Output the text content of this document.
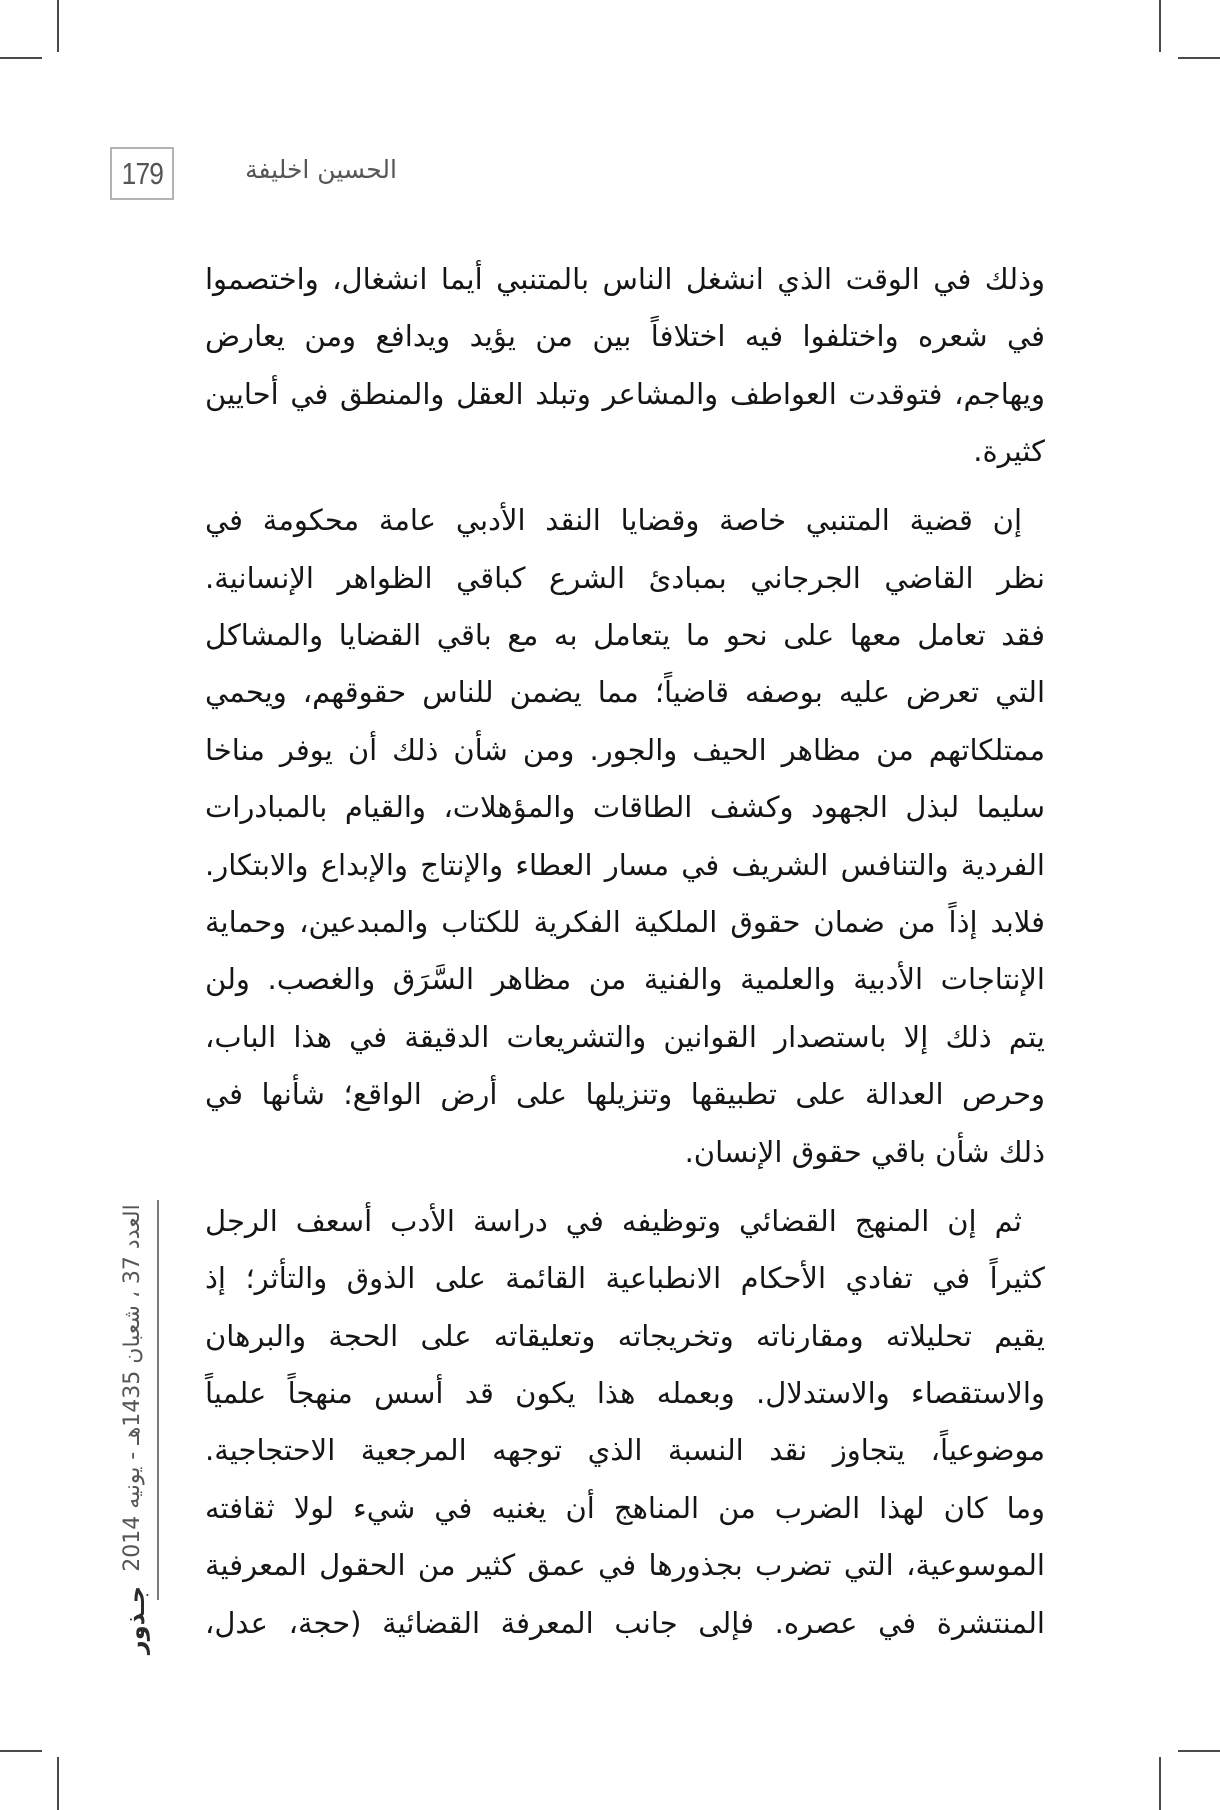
179	الحسين اخليفة
وذلك في الوقت الذي انشغل الناس بالمتنبي أيما انشغال، واختصموا
في شعره واختلفوا فيه اختلافاً بين من يؤيد ويدافع ومن يعارض
ويهاجم، فتوقدت العواطف والمشاعر وتبلد العقل والمنطق في أحايين
كثيرة.
إن قضية المتنبي خاصة وقضايا النقد الأدبي عامة محكومة في
نظر القاضي الجرجاني بمبادئ الشرع كباقي الظواهر الإنسانية.
فقد تعامل معها على نحو ما يتعامل به مع باقي القضايا والمشاكل
التي تعرض عليه بوصفه قاضياً؛ مما يضمن للناس حقوقهم، ويحمي
ممتلكاتهم من مظاهر الحيف والجور. ومن شأن ذلك أن يوفر مناخا
سليما لبذل الجهود وكشف الطاقات والمؤهلات، والقيام بالمبادرات
الفردية والتنافس الشريف في مسار العطاء والإنتاج والإبداع والابتكار.
فلابد إذاً من ضمان حقوق الملكية الفكرية للكتاب والمبدعين، وحماية
الإنتاجات الأدبية والعلمية والفنية من مظاهر السَّرَق والغصب. ولن
يتم ذلك إلا باستصدار القوانين والتشريعات الدقيقة في هذا الباب،
وحرص العدالة على تطبيقها وتنزيلها على أرض الواقع؛ شأنها في
ذلك شأن باقي حقوق الإنسان.
ثم إن المنهج القضائي وتوظيفه في دراسة الأدب أسعف الرجل
كثيراً في تفادي الأحكام الانطباعية القائمة على الذوق والتأثر؛ إذ
يقيم تحليلاته ومقارناته وتخريجاته وتعليقاته على الحجة والبرهان
والاستقصاء والاستدلال. وبعمله هذا يكون قد أسس منهجاً علمياً
موضوعياً، يتجاوز نقد النسبة الذي توجهه المرجعية الاحتجاجية.
وما كان لهذا الضرب من المناهج أن يغنيه في شيء لولا ثقافته
الموسوعية، التي تضرب بجذورها في عمق كثير من الحقول المعرفية
المنتشرة في عصره. فإلى جانب المعرفة القضائية (حجة، عدل،
العدد 37 ، شعبان 1435هـ - يونيه 2014
جـذور
